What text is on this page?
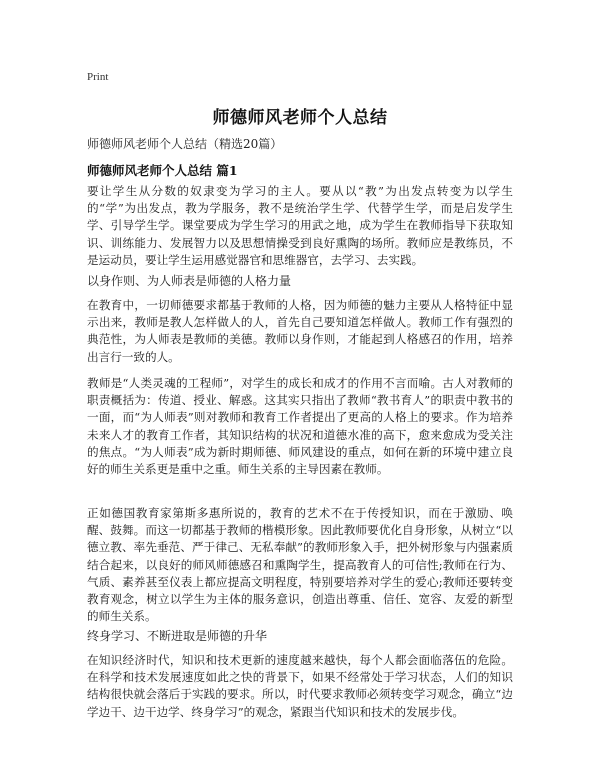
Print
师德师风老师个人总结
师德师风老师个人总结（精选20篇）
师德师风老师个人总结 篇1

要让学生从分数的奴隶变为学习的主人。要从以“教”为出发点转变为以学生的“学”为出发点，教为学服务，教不是统治学生学、代替学生学，而是启发学生学、引导学生学。课堂要成为学生学习的用武之地，成为学生在教师指导下获取知识、训练能力、发展智力以及思想情操受到良好熏陶的场所。教师应是教练员，不是运动员，要让学生运用感觉器官和思维器官，去学习、去实践。

以身作则、为人师表是师德的人格力量

在教育中，一切师德要求都基于教师的人格，因为师德的魅力主要从人格特征中显示出来，教师是教人怎样做人的人，首先自己要知道怎样做人。教师工作有强烈的典范性，为人师表是教师的美德。教师以身作则，才能起到人格感召的作用，培养出言行一致的人。

教师是“人类灵魂的工程师”，对学生的成长和成才的作用不言而喻。古人对教师的职责概括为：传道、授业、解惑。这其实只指出了教师“教书育人”的职责中教书的一面，而“为人师表”则对教师和教育工作者提出了更高的人格上的要求。作为培养未来人才的教育工作者，其知识结构的状况和道德水准的高下，愈来愈成为受关注的焦点。“为人师表”成为新时期师德、师风建设的重点，如何在新的环境中建立良好的师生关系更是重中之重。师生关系的主导因素在教师。

正如德国教育家第斯多惠所说的，教育的艺术不在于传授知识，而在于激励、唤醒、鼓舞。而这一切都基于教师的楷模形象。因此教师要优化自身形象，从树立“以德立教、率先垂范、严于律己、无私奉献”的教师形象入手，把外树形象与内强素质结合起来，以良好的师风师德感召和熏陶学生，提高教育人的可信性;教师在行为、气质、素养甚至仪表上都应提高文明程度，特别要培养对学生的爱心;教师还要转变教育观念，树立以学生为主体的服务意识，创造出尊重、信任、宽容、友爱的新型的师生关系。

终身学习、不断进取是师德的升华

在知识经济时代，知识和技术更新的速度越来越快，每个人都会面临落伍的危险。在科学和技术发展速度如此之快的背景下，如果不经常处于学习状态，人们的知识结构很快就会落后于实践的要求。所以，时代要求教师必须转变学习观念，确立“边学边干、边干边学、终身学习”的观念，紧跟当代知识和技术的发展步伐。
